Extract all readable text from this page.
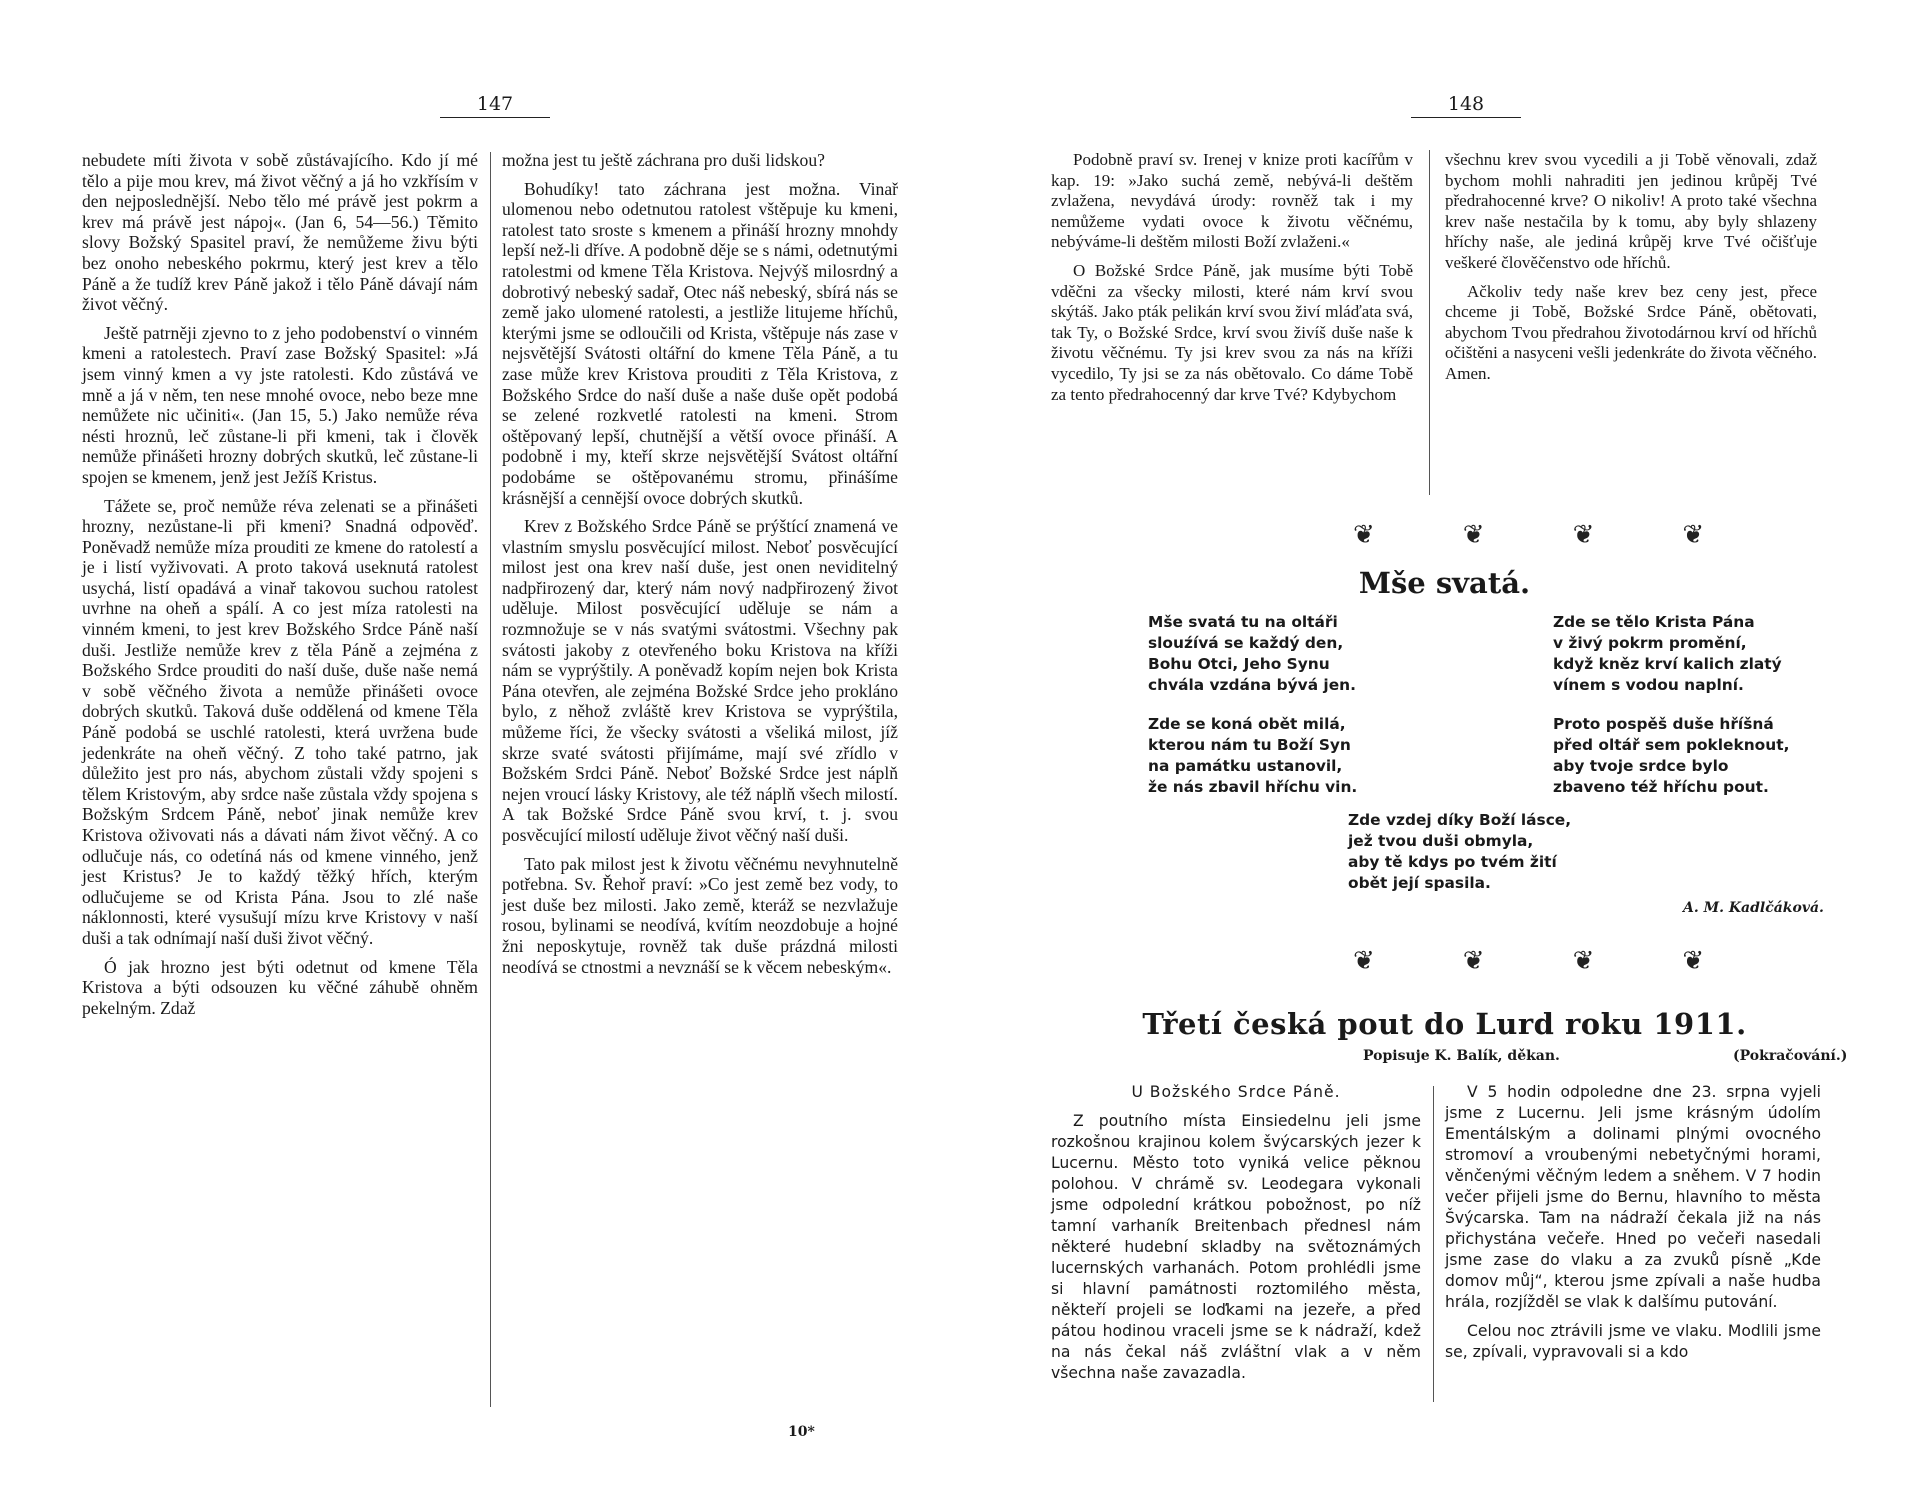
147

nebudete míti života v sobě zůstávajícího. Kdo jí mé tělo a pije mou krev, má život věčný a já ho vzkřísím v den nejposlednější. Nebo tělo mé právě jest pokrm a krev má právě jest nápoj«. (Jan 6, 54—56.) Těmito slovy Božský Spasitel praví, že nemůžeme živu býti bez onoho nebeského pokrmu, který jest krev a tělo Páně a že tudíž krev Páně jakož i tělo Páně dávají nám život věčný.

Ještě patrněji zjevno to z jeho podobenství o vinném kmeni a ratolestech. Praví zase Božský Spasitel: »Já jsem vinný kmen a vy jste ratolesti. Kdo zůstává ve mně a já v něm, ten nese mnohé ovoce, nebo beze mne nemůžete nic učiniti«. (Jan 15, 5.) Jako nemůže réva nésti hroznů, leč zůstane-li při kmeni, tak i člověk nemůže přinášeti hrozny dobrých skutků, leč zůstane-li spojen se kmenem, jenž jest Ježíš Kristus.

Tážete se, proč nemůže réva zelenati se a přinášeti hrozny, nezůstane-li při kmeni? Snadná odpověď. Poněvadž nemůže míza prouditi ze kmene do ratolestí a je i listí vyživovati. A proto taková useknutá ratolest usychá, listí opadává a vinař takovou suchou ratolest uvrhne na oheň a spálí. A co jest míza ratolesti na vinném kmeni, to jest krev Božského Srdce Páně naší duši. Jestliže nemůže krev z těla Páně a zejména z Božského Srdce prouditi do naší duše, duše naše nemá v sobě věčného života a nemůže přinášeti ovoce dobrých skutků. Taková duše oddělená od kmene Těla Páně podobá se uschlé ratolesti, která uvržena bude jedenkráte na oheň věčný. Z toho také patrno, jak důležito jest pro nás, abychom zůstali vždy spojeni s tělem Kristovým, aby srdce naše zůstala vždy spojena s Božským Srdcem Páně, neboť jinak nemůže krev Kristova oživovati nás a dávati nám život věčný. A co odlučuje nás, co odetíná nás od kmene vinného, jenž jest Kristus? Je to každý těžký hřích, kterým odlučujeme se od Krista Pána. Jsou to zlé naše náklonnosti, které vysušují mízu krve Kristovy v naší duši a tak odnímají naší duši život věčný.

Ó jak hrozno jest býti odetnut od kmene Těla Kristova a býti odsouzen ku věčné záhubě ohněm pekelným. Zdaž

možna jest tu ještě záchrana pro duši lidskou?

Bohudíky! tato záchrana jest možna. Vinař ulomenou nebo odetnutou ratolest vštěpuje ku kmeni, ratolest tato sroste s kmenem a přináší hrozny mnohdy lepší než-li dříve. A podobně děje se s námi, odetnutými ratolestmi od kmene Těla Kristova. Nejvýš milosrdný a dobrotivý nebeský sadař, Otec náš nebeský, sbírá nás se země jako ulomené ratolesti, a jestliže litujeme hříchů, kterými jsme se odloučili od Krista, vštěpuje nás zase v nejsvětější Svátosti oltářní do kmene Těla Páně, a tu zase může krev Kristova prouditi z Těla Kristova, z Božského Srdce do naší duše a naše duše opět podobá se zelené rozkvetlé ratolesti na kmeni. Strom oštěpovaný lepší, chutnější a větší ovoce přináší. A podobně i my, kteří skrze nejsvětější Svátost oltářní podobáme se oštěpovanému stromu, přinášíme krásnější a cennější ovoce dobrých skutků.

Krev z Božského Srdce Páně se prýštící znamená ve vlastním smyslu posvěcující milost. Neboť posvěcující milost jest ona krev naší duše, jest onen neviditelný nadpřirozený dar, který nám nový nadpřirozený život uděluje. Milost posvěcující uděluje se nám a rozmnožuje se v nás svatými svátostmi. Všechny pak svátosti jakoby z otevřeného boku Kristova na kříži nám se vyprýštily. A poněvadž kopím nejen bok Krista Pána otevřen, ale zejména Božské Srdce jeho prokláno bylo, z něhož zvláště krev Kristova se vyprýštila, můžeme říci, že všecky svátosti a všeliká milost, jíž skrze svaté svátosti přijímáme, mají své zřídlo v Božském Srdci Páně. Neboť Božské Srdce jest náplň nejen vroucí lásky Kristovy, ale též náplň všech milostí. A tak Božské Srdce Páně svou krví, t. j. svou posvěcující milostí uděluje život věčný naší duši.

Tato pak milost jest k životu věčnému nevyhnutelně potřebna. Sv. Řehoř praví: »Co jest země bez vody, to jest duše bez milosti. Jako země, kteráž se nezvlažuje rosou, bylinami se neodívá, kvítím neozdobuje a hojné žni neposkytuje, rovněž tak duše prázdná milosti neodívá se ctnostmi a nevznáší se k věcem nebeským«.

10*
148

Podobně praví sv. Irenej v knize proti kacířům v kap. 19: »Jako suchá země, nebývá-li deštěm zvlažena, nevydává úrody: rovněž tak i my nemůžeme vydati ovoce k životu věčnému, nebýváme-li deštěm milosti Boží zvlaženi.«

O Božské Srdce Páně, jak musíme býti Tobě vděčni za všecky milosti, které nám krví svou skýtáš. Jako pták pelikán krví svou živí mláďata svá, tak Ty, o Božské Srdce, krví svou živíš duše naše k životu věčnému. Ty jsi krev svou za nás na kříži vycedilo, Ty jsi se za nás obětovalo. Co dáme Tobě za tento předrahocenný dar krve Tvé? Kdybychom

všechnu krev svou vycedili a ji Tobě věnovali, zdaž bychom mohli nahraditi jen jedinou krůpěj Tvé předrahocenné krve? O nikoliv! A proto také všechna krev naše nestačila by k tomu, aby byly shlazeny hříchy naše, ale jediná krůpěj krve Tvé očišťuje veškeré člověčenstvo ode hříchů.

Ačkoliv tedy naše krev bez ceny jest, přece chceme ji Tobě, Božské Srdce Páně, obětovati, abychom Tvou předrahou životodárnou krví od hříchů očištěni a nasyceni vešli jedenkráte do života věčného. Amen.

❦ ❦ ❦ ❦
Mše svatá.
Mše svatá tu na oltáři
slouźívá se každý den,
Bohu Otci, Jeho Synu
chvála vzdána bývá jen.
Zde se koná obět milá,
kterou nám tu Boží Syn
na památku ustanovil,
že nás zbavil hříchu vin.
Zde se tělo Krista Pána
v živý pokrm promění,
když kněz krví kalich zlatý
vínem s vodou naplní.
Proto pospěš duše hříšná
před oltář sem pokleknout,
aby tvoje srdce bylo
zbaveno též hříchu pout.
Zde vzdej díky Boží lásce,
jež tvou duši obmyla,
aby tě kdys po tvém žití
obět její spasila.
A. M. Kadlčáková.
❦ ❦ ❦ ❦
Třetí česká pout do Lurd roku 1911.
Popisuje K. Balík, děkan.	(Pokračování.)

U Božského Srdce Páně.

Z poutního místa Einsiedelnu jeli jsme rozkošnou krajinou kolem švýcarských jezer k Lucernu. Město toto vyniká velice pěknou polohou. V chrámě sv. Leodegara vykonali jsme odpolední krátkou pobožnost, po níž tamní varhaník Breitenbach přednesl nám některé hudební skladby na světoznámých lucernských varhanách. Potom prohlédli jsme si hlavní památnosti roztomilého města, někteří projeli se loďkami na jezeře, a před pátou hodinou vraceli jsme se k nádraží, kdež na nás čekal náš zvláštní vlak a v něm všechna naše zavazadla.

V 5 hodin odpoledne dne 23. srpna vyjeli jsme z Lucernu. Jeli jsme krásným údolím Ementálským a dolinami plnými ovocného stromoví a vroubenými nebetyčnými horami, věnčenými věčným ledem a sněhem. V 7 hodin večer přijeli jsme do Bernu, hlavního to města Švýcarska. Tam na nádraží čekala již na nás přichystána večeře. Hned po večeři nasedali jsme zase do vlaku a za zvuků písně „Kde domov můj“, kterou jsme zpívali a naše hudba hrála, rozjížděl se vlak k dalšímu putování.

Celou noc ztrávili jsme ve vlaku. Modlili jsme se, zpívali, vypravovali si a kdo
